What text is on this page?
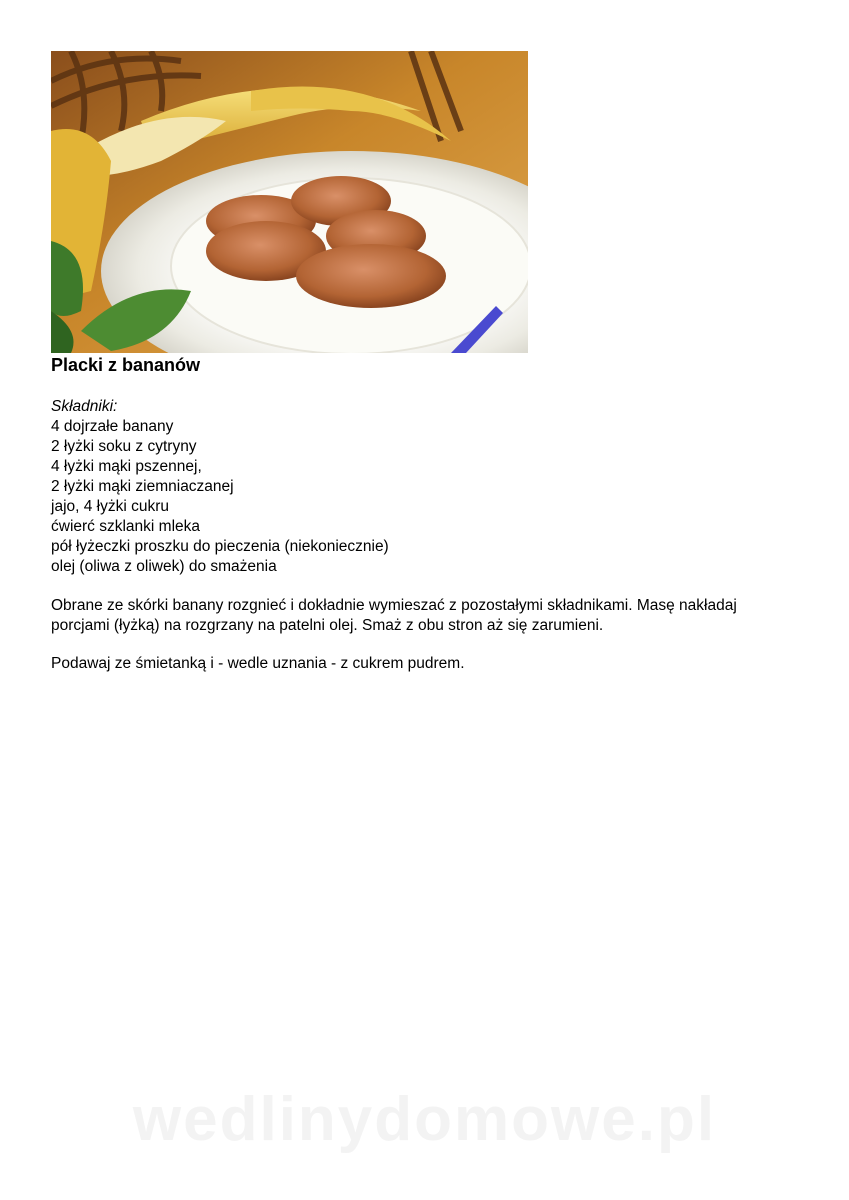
Placki z bananów
Składniki:
4 dojrzałe banany
2 łyżki soku z cytryny
4 łyżki mąki pszennej,
2 łyżki mąki ziemniaczanej
jajo, 4 łyżki cukru
ćwierć szklanki mleka
pół łyżeczki proszku do pieczenia (niekoniecznie)
olej (oliwa z oliwek) do smażenia

Obrane ze skórki banany rozgnieć i dokładnie wymieszać z pozostałymi składnikami. Masę nakładaj porcjami (łyżką) na rozgrzany na patelni olej. Smaż z obu stron aż się zarumieni.

Podawaj ze śmietanką i - wedle uznania - z cukrem pudrem.

wedlinydomowe.pl
